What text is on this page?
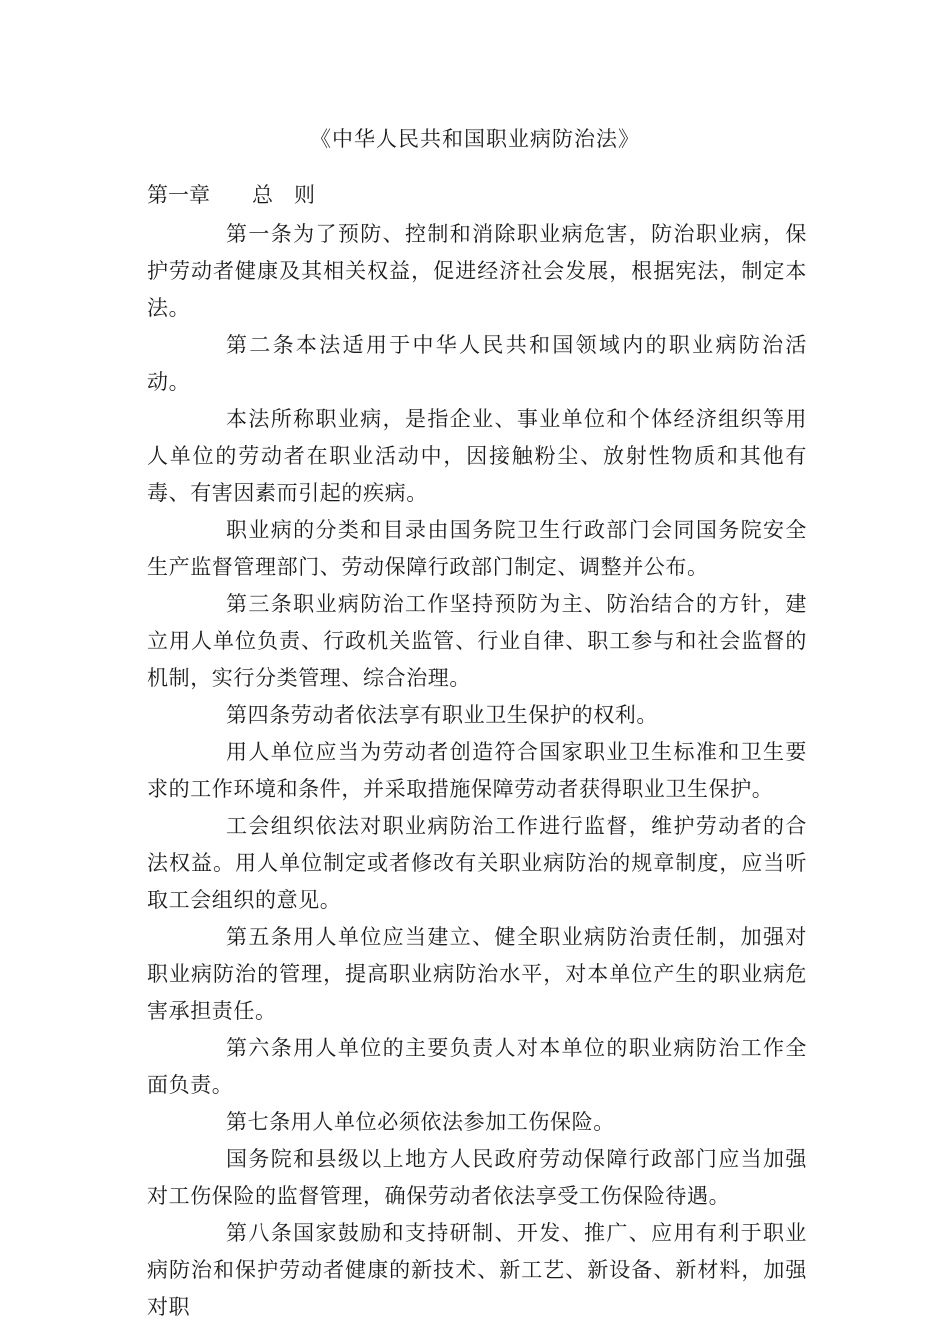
《中华人民共和国职业病防治法》
第一章　　总　则

第一条为了预防、控制和消除职业病危害，防治职业病，保护劳动者健康及其相关权益，促进经济社会发展，根据宪法，制定本法。

第二条本法适用于中华人民共和国领域内的职业病防治活动。

本法所称职业病，是指企业、事业单位和个体经济组织等用人单位的劳动者在职业活动中，因接触粉尘、放射性物质和其他有毒、有害因素而引起的疾病。

职业病的分类和目录由国务院卫生行政部门会同国务院安全生产监督管理部门、劳动保障行政部门制定、调整并公布。

第三条职业病防治工作坚持预防为主、防治结合的方针，建立用人单位负责、行政机关监管、行业自律、职工参与和社会监督的机制，实行分类管理、综合治理。

第四条劳动者依法享有职业卫生保护的权利。

用人单位应当为劳动者创造符合国家职业卫生标准和卫生要求的工作环境和条件，并采取措施保障劳动者获得职业卫生保护。

工会组织依法对职业病防治工作进行监督，维护劳动者的合法权益。用人单位制定或者修改有关职业病防治的规章制度，应当听取工会组织的意见。

第五条用人单位应当建立、健全职业病防治责任制，加强对职业病防治的管理，提高职业病防治水平，对本单位产生的职业病危害承担责任。

第六条用人单位的主要负责人对本单位的职业病防治工作全面负责。

第七条用人单位必须依法参加工伤保险。

国务院和县级以上地方人民政府劳动保障行政部门应当加强对工伤保险的监督管理，确保劳动者依法享受工伤保险待遇。

第八条国家鼓励和支持研制、开发、推广、应用有利于职业病防治和保护劳动者健康的新技术、新工艺、新设备、新材料，加强对职
